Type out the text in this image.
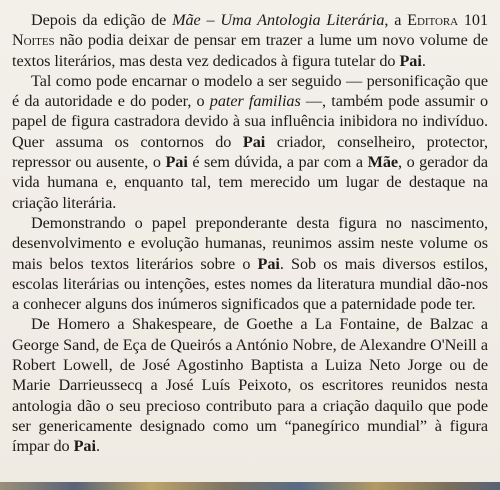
Depois da edição de Mãe – Uma Antologia Literária, a Editora 101 Noites não podia deixar de pensar em trazer a lume um novo volume de textos literários, mas desta vez dedicados à figura tutelar do Pai.

Tal como pode encarnar o modelo a ser seguido — personificação que é da autoridade e do poder, o pater familias —, também pode assumir o papel de figura castradora devido à sua influência inibidora no indivíduo. Quer assuma os contornos do Pai criador, conselheiro, protector, repressor ou ausente, o Pai é sem dúvida, a par com a Mãe, o gerador da vida humana e, enquanto tal, tem merecido um lugar de destaque na criação literária.

Demonstrando o papel preponderante desta figura no nascimento, desenvolvimento e evolução humanas, reunimos assim neste volume os mais belos textos literários sobre o Pai. Sob os mais diversos estilos, escolas literárias ou intenções, estes nomes da literatura mundial dão-nos a conhecer alguns dos inúmeros significados que a paternidade pode ter.

De Homero a Shakespeare, de Goethe a La Fontaine, de Balzac a George Sand, de Eça de Queirós a António Nobre, de Alexandre O'Neill a Robert Lowell, de José Agostinho Baptista a Luiza Neto Jorge ou de Marie Darrieussecq a José Luís Peixoto, os escritores reunidos nesta antologia dão o seu precioso contributo para a criação daquilo que pode ser genericamente designado como um “panegírico mundial” à figura ímpar do Pai.
